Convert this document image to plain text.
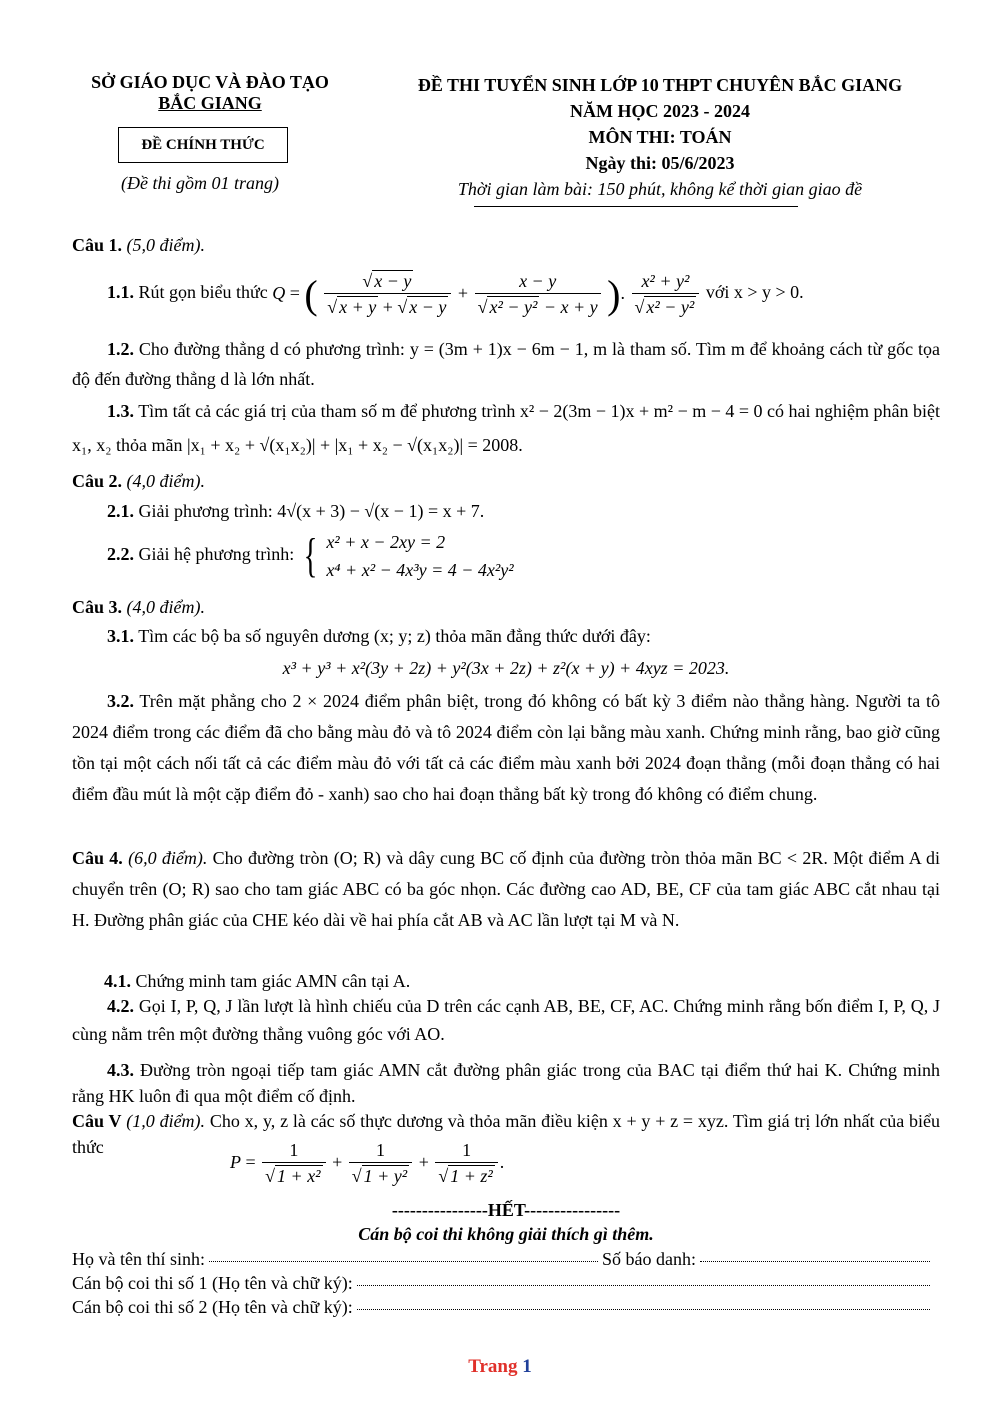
SỞ GIÁO DỤC VÀ ĐÀO TẠO
BẮC GIANG
(Đề thi gồm 01 trang)
ĐỀ CHÍNH THỨC
ĐỀ THI TUYỂN SINH LỚP 10 THPT CHUYÊN BẮC GIANG
NĂM HỌC 2023 - 2024
MÔN THI: TOÁN
Ngày thi: 05/6/2023
Thời gian làm bài: 150 phút, không kể thời gian giao đề
Câu 1. (5,0 điểm).
1.1. Rút gọn biểu thức Q = (
√ x − y
√ x + y + √ x − y + x − y
√ x² − y² − x + y ). x² + y²
√ x² − y² với x > y > 0.
1.2. Cho đường thẳng d có phương trình: y = (3m + 1)x − 6m − 1, m là tham số. Tìm m để khoảng cách từ gốc tọa độ đến đường thẳng d là lớn nhất.
1.3. Tìm tất cả các giá trị của tham số m để phương trình x² − 2(3m − 1)x + m² − m − 4 = 0 có hai nghiệm phân biệt x₁, x₂ thỏa mãn |x₁ + x₂ + √(x₁x₂)| + |x₁ + x₂ − √(x₁x₂)| = 2008.
Câu 2. (4,0 điểm).
2.1. Giải phương trình: 4√(x + 3) − √(x − 1) = x + 7.
2.2. Giải hệ phương trình: { x² + x − 2xy = 2
x⁴ + x² − 4x³y = 4 − 4x²y²
Câu 3. (4,0 điểm).
3.1. Tìm các bộ ba số nguyên dương (x; y; z) thỏa mãn đẳng thức dưới đây:
x³ + y³ + x²(3y + 2z) + y²(3x + 2z) + z²(x + y) + 4xyz = 2023.
3.2. Trên mặt phẳng cho 2 × 2024 điểm phân biệt, trong đó không có bất kỳ 3 điểm nào thẳng hàng. Người ta tô 2024 điểm trong các điểm đã cho bằng màu đỏ và tô 2024 điểm còn lại bằng màu xanh. Chứng minh rằng, bao giờ cũng tồn tại một cách nối tất cả các điểm màu đỏ với tất cả các điểm màu xanh bởi 2024 đoạn thẳng (mỗi đoạn thẳng có hai điểm đầu mút là một cặp điểm đỏ - xanh) sao cho hai đoạn thẳng bất kỳ trong đó không có điểm chung.
Câu 4. (6,0 điểm). Cho đường tròn (O; R) và dây cung BC cố định của đường tròn thỏa mãn BC < 2R. Một điểm A di chuyển trên (O; R) sao cho tam giác ABC có ba góc nhọn. Các đường cao AD, BE, CF của tam giác ABC cắt nhau tại H. Đường phân giác của CHE kéo dài về hai phía cắt AB và AC lần lượt tại M và N.
4.1. Chứng minh tam giác AMN cân tại A.
4.2. Gọi I, P, Q, J lần lượt là hình chiếu của D trên các cạnh AB, BE, CF, AC. Chứng minh rằng bốn điểm I, P, Q, J cùng nằm trên một đường thẳng vuông góc với AO.
4.3. Đường tròn ngoại tiếp tam giác AMN cắt đường phân giác trong của BAC tại điểm thứ hai K. Chứng minh rằng HK luôn đi qua một điểm cố định.
Câu V (1,0 điểm). Cho x, y, z là các số thực dương và thỏa mãn điều kiện x + y + z = xyz. Tìm giá trị lớn nhất của biểu thức
P = 1
√ 1 + x² + 1
√ 1 + y² + 1
√ 1 + z² .
----------------HẾT----------------
Cán bộ coi thi không giải thích gì thêm.
Họ và tên thí sinh:	Số báo danh:
Cán bộ coi thi số 1 (Họ tên và chữ ký):
Cán bộ coi thi số 2 (Họ tên và chữ ký):
Trang 1
